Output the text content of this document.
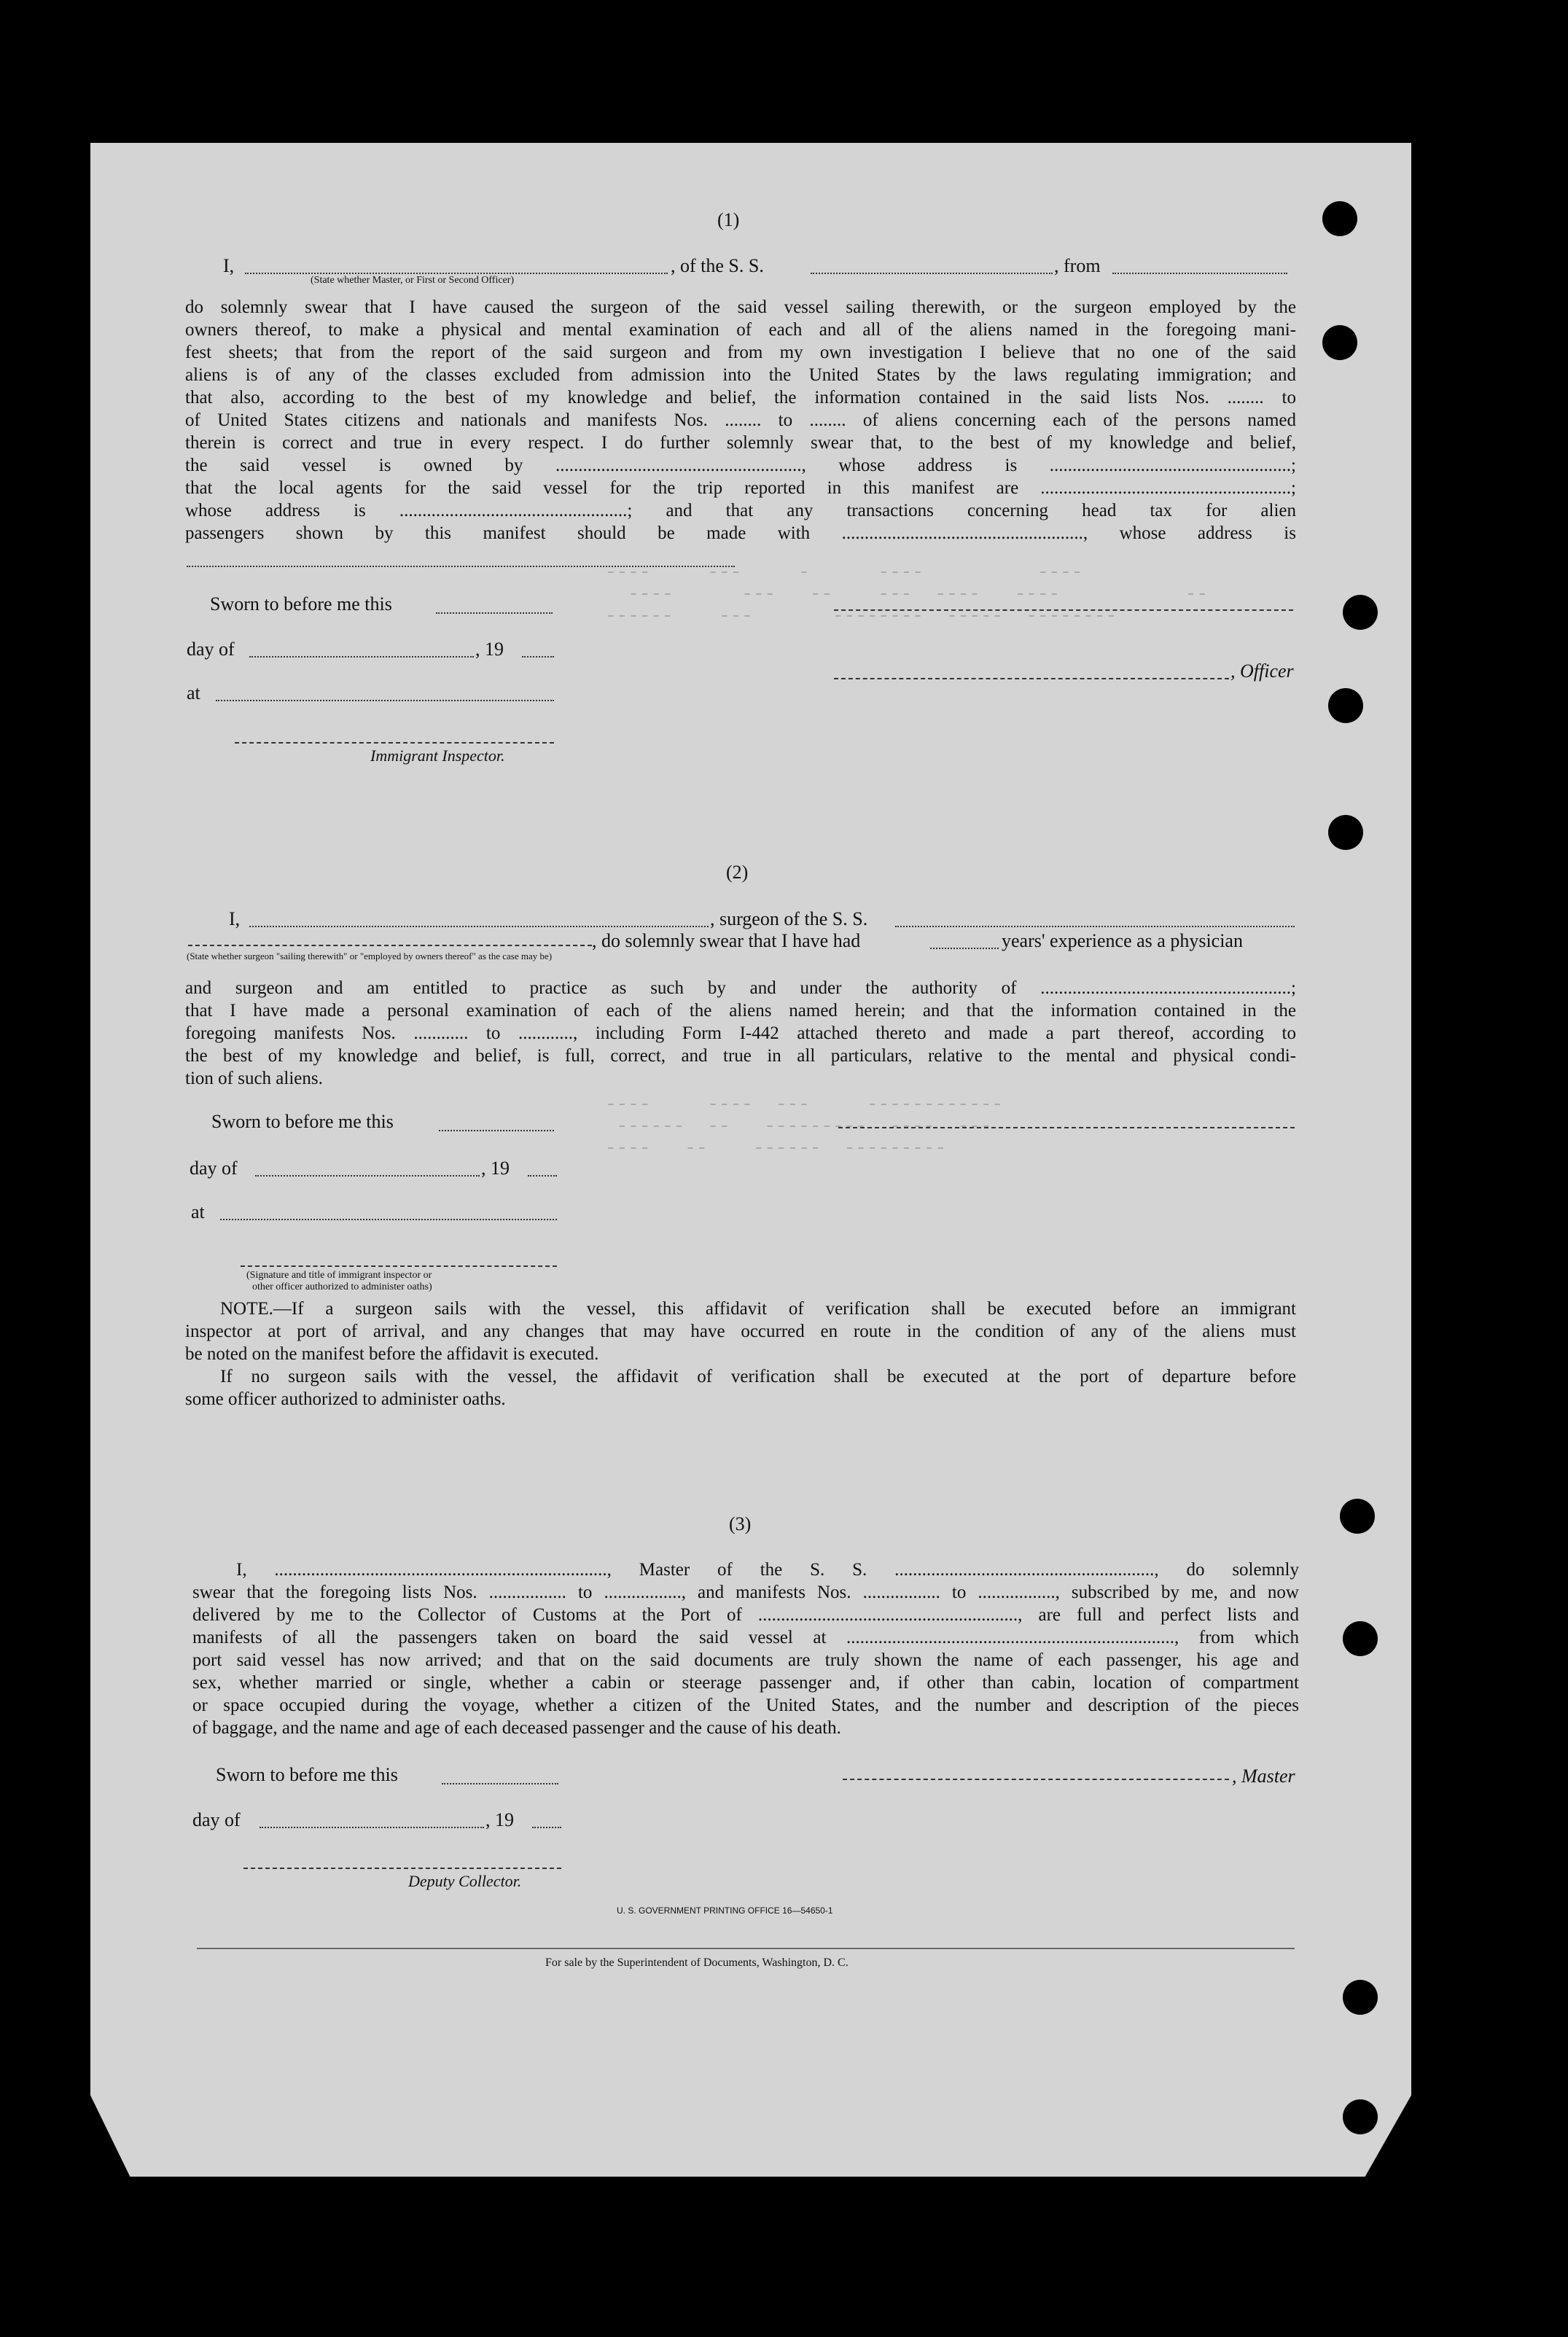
----     ---     -      ----          ----
----      ---   --    ---  ----   ----           --
------    ---       --------  -----  --------
----     ----  ---     ------------
------  --   ---------  ----  ---
----   --    ------  ---------
(1)
I,	, of the S. S.	, from
(State whether Master, or First or Second Officer)
do solemnly swear that I have caused the surgeon of the said vessel sailing therewith, or the surgeon employed by the
owners thereof, to make a physical and mental examination of each and all of the aliens named in the foregoing mani-
fest sheets; that from the report of the said surgeon and from my own investigation I believe that no one of the said
aliens is of any of the classes excluded from admission into the United States by the laws regulating immigration; and
that also, according to the best of my knowledge and belief, the information contained in the said lists Nos. ........ to
of United States citizens and nationals and manifests Nos. ........ to ........ of aliens concerning each of the persons named
therein is correct and true in every respect. I do further solemnly swear that, to the best of my knowledge and belief,
the said vessel is owned by ......................................................, whose address is .....................................................;
that the local agents for the said vessel for the trip reported in this manifest are .......................................................;
whose address is ..................................................; and that any transactions concerning head tax for alien
passengers shown by this manifest should be made with ....................................................., whose address is
Sworn to before me this
day of	, 19
, Officer
at
Immigrant Inspector.
(2)
I,	, surgeon of the S. S.
, do solemnly swear that I have had	years' experience as a physician
(State whether surgeon "sailing therewith" or "employed by owners thereof" as the case may be)
and surgeon and am entitled to practice as such by and under the authority of .......................................................;
that I have made a personal examination of each of the aliens named herein; and that the information contained in the
foregoing manifests Nos. ............ to ............, including Form I-442 attached thereto and made a part thereof, according to
the best of my knowledge and belief, is full, correct, and true in all particulars, relative to the mental and physical condi-
tion of such aliens.
Sworn to before me this
day of	, 19
at
(Signature and title of immigrant inspector or
other officer authorized to administer oaths)
NOTE.—If a surgeon sails with the vessel, this affidavit of verification shall be executed before an immigrant
inspector at port of arrival, and any changes that may have occurred en route in the condition of any of the aliens must
be noted on the manifest before the affidavit is executed.
If no surgeon sails with the vessel, the affidavit of verification shall be executed at the port of departure before
some officer authorized to administer oaths.
(3)
I, ........................................................................., Master of the S. S. ........................................................., do solemnly
swear that the foregoing lists Nos. ................. to ................., and manifests Nos. ................. to ................., subscribed by me, and now
delivered by me to the Collector of Customs at the Port of ........................................................., are full and perfect lists and
manifests of all the passengers taken on board the said vessel at ........................................................................, from which
port said vessel has now arrived; and that on the said documents are truly shown the name of each passenger, his age and
sex, whether married or single, whether a cabin or steerage passenger and, if other than cabin, location of compartment
or space occupied during the voyage, whether a citizen of the United States, and the number and description of the pieces
of baggage, and the name and age of each deceased passenger and the cause of his death.
Sworn to before me this	, Master
day of	, 19
Deputy Collector.
U. S. GOVERNMENT PRINTING OFFICE 16—54650-1
For sale by the Superintendent of Documents, Washington, D. C.
